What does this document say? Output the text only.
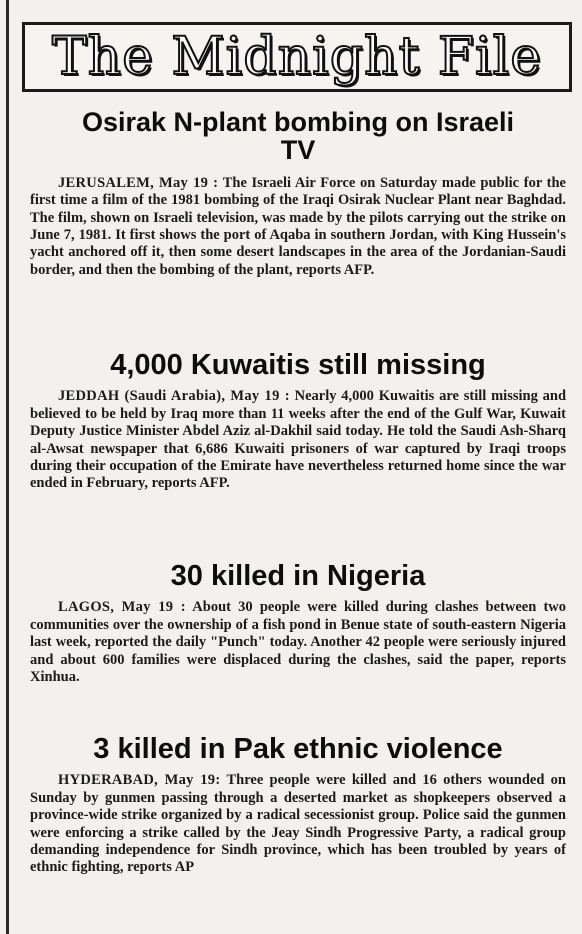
The Midnight File
Osirak N-plant bombing on Israeli TV

JERUSALEM, May 19 : The Israeli Air Force on Saturday made public for the first time a film of the 1981 bombing of the Iraqi Osirak Nuclear Plant near Baghdad. The film, shown on Israeli television, was made by the pilots carrying out the strike on June 7, 1981. It first shows the port of Aqaba in southern Jordan, with King Hussein's yacht anchored off it, then some desert landscapes in the area of the Jordanian-Saudi border, and then the bombing of the plant, reports AFP.

4,000 Kuwaitis still missing

JEDDAH (Saudi Arabia), May 19 : Nearly 4,000 Kuwaitis are still missing and believed to be held by Iraq more than 11 weeks after the end of the Gulf War, Kuwait Deputy Justice Minister Abdel Aziz al-Dakhil said today. He told the Saudi Ash-Sharq al-Awsat newspaper that 6,686 Kuwaiti prisoners of war captured by Iraqi troops during their occupation of the Emirate have nevertheless returned home since the war ended in February, reports AFP.

30 killed in Nigeria

LAGOS, May 19 : About 30 people were killed during clashes between two communities over the ownership of a fish pond in Benue state of south-eastern Nigeria last week, reported the daily "Punch" today. Another 42 people were seriously injured and about 600 families were displaced during the clashes, said the paper, reports Xinhua.

3 killed in Pak ethnic violence

HYDERABAD, May 19: Three people were killed and 16 others wounded on Sunday by gunmen passing through a deserted market as shopkeepers observed a province-wide strike organized by a radical secessionist group. Police said the gunmen were enforcing a strike called by the Jeay Sindh Progressive Party, a radical group demanding independence for Sindh province, which has been troubled by years of ethnic fighting, reports AP
